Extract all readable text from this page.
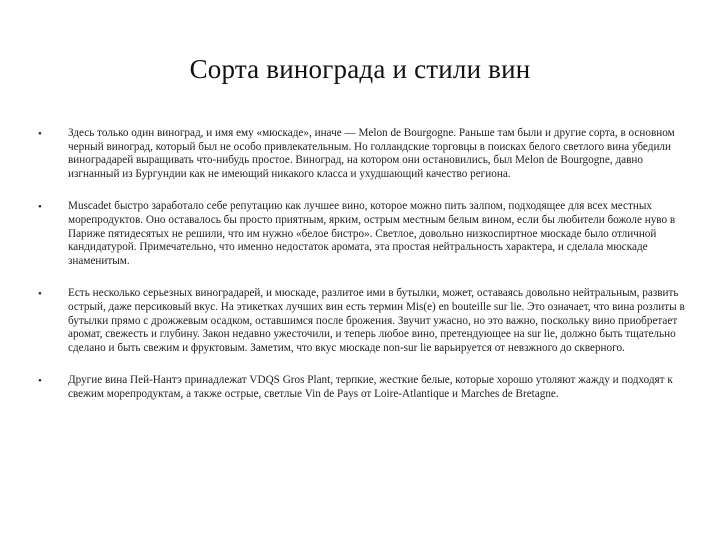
Сорта винограда и стили вин
•	Здесь только один виноград, и имя ему «мюскаде», иначе — Melon de Bourgogne. Раньше там были и другие сорта, в основном черный виноград, который был не особо привлекательным. Но голландские торговцы в поисках белого светлого вина убедили виноградарей выращивать что-нибудь простое. Виноград, на котором они остановились, был Melon de Bourgogne, давно изгнанный из Бургундии как не имеющий никакого класса и ухудшающий качество региона.
•	Muscadet быстро заработало себе репутацию как лучшее вино, которое можно пить залпом, подходящее для всех местных морепродуктов. Оно оставалось бы просто приятным, ярким, острым местным белым вином, если бы любители божоле нуво в Париже пятидесятых не решили, что им нужно «белое бистро». Светлое, довольно низкоспиртное мюскаде было отличной кандидатурой. Примечательно, что именно недостаток аромата, эта простая нейтральность характера, и сделала мюскаде знаменитым.
•	Есть несколько серьезных виноградарей, и мюскаде, разлитое ими в бутылки, может, оставаясь довольно нейтральным, развить острый, даже персиковый вкус. На этикетках лучших вин есть термин Mis(e) en bouteille sur lie. Это означает, что вина розлиты в бутылки прямо с дрожжевым осадком, оставшимся после брожения. Звучит ужасно, но это важно, поскольку вино приобретает аромат, свежесть и глубину. Закон недавно ужесточили, и теперь любое вино, претендующее на sur lie, должно быть тщательно сделано и быть свежим и фруктовым. Заметим, что вкус мюскаде non-sur lie варьируется от невзжного до скверного.
•	Другие вина Пей-Нантэ принадлежат VDQS Gros Plant, терпкие, жесткие белые, которые хорошо утоляют жажду и подходят к свежим морепродуктам, а также острые, светлые Vin de Pays от Loire-Atlantique и Marches de Bretagne.
